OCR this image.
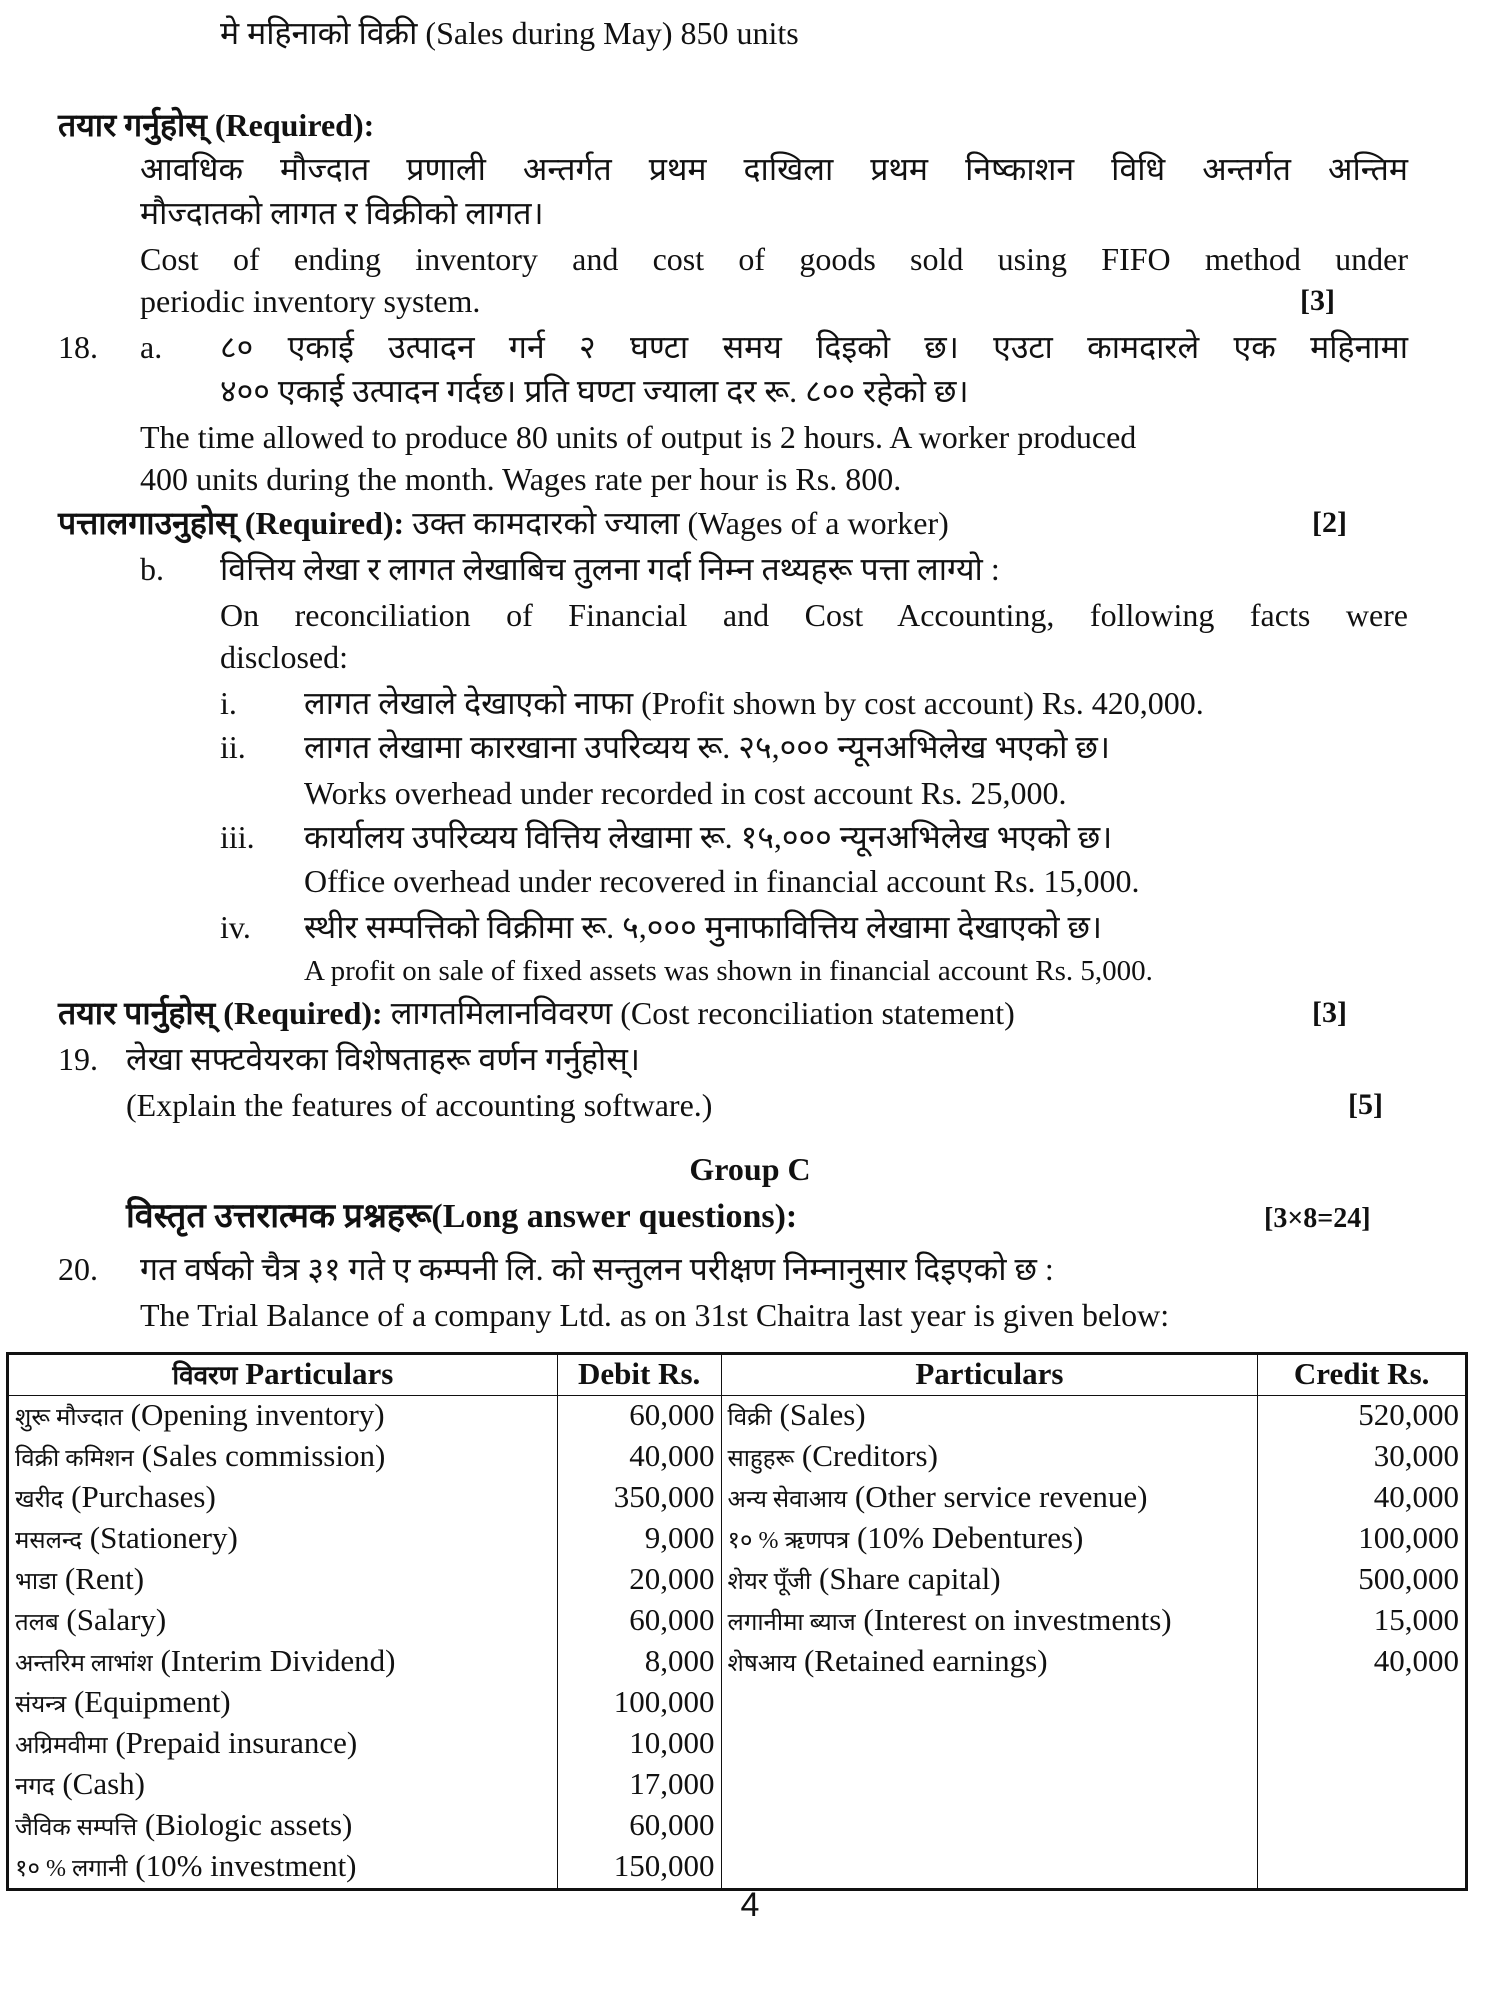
मे महिनाको विक्री (Sales during May) 850 units
तयार गर्नुहोस् (Required):
आवधिक मौज्दात प्रणाली अन्तर्गत प्रथम दाखिला प्रथम निष्काशन विधि अन्तर्गत अन्तिम
मौज्दातको लागत र विक्रीको लागत।
Cost of ending inventory and cost of goods sold using FIFO method under
periodic inventory system.	[3]
18. a. ८० एकाई उत्पादन गर्न २ घण्टा समय दिइको छ। एउटा कामदारले एक महिनामा
४०० एकाई उत्पादन गर्दछ। प्रति घण्टा ज्याला दर रू. ८०० रहेको छ।
The time allowed to produce 80 units of output is 2 hours. A worker produced
400 units during the month. Wages rate per hour is Rs. 800.
पत्तालगाउनुहोस् (Required): उक्त कामदारको ज्याला (Wages of a worker)	[2]
b. वित्तिय लेखा र लागत लेखाबिच तुलना गर्दा निम्न तथ्यहरू पत्ता लाग्यो :
On reconciliation of Financial and Cost Accounting, following facts were
disclosed:
i. लागत लेखाले देखाएको नाफा (Profit shown by cost account) Rs. 420,000.
ii. लागत लेखामा कारखाना उपरिव्यय रू. २५,००० न्यूनअभिलेख भएको छ।
Works overhead under recorded in cost account Rs. 25,000.
iii. कार्यालय उपरिव्यय वित्तिय लेखामा रू. १५,००० न्यूनअभिलेख भएको छ।
Office overhead under recovered in financial account Rs. 15,000.
iv. स्थीर सम्पत्तिको विक्रीमा रू. ५,००० मुनाफावित्तिय लेखामा देखाएको छ।
A profit on sale of fixed assets was shown in financial account Rs. 5,000.
तयार पार्नुहोस् (Required): लागतमिलानविवरण (Cost reconciliation statement)	[3]
19. लेखा सफ्टवेयरका विशेषताहरू वर्णन गर्नुहोस्।
(Explain the features of accounting software.)	[5]
Group C
विस्तृत उत्तरात्मक प्रश्नहरू(Long answer questions):	[3×8=24]
20. गत वर्षको चैत्र ३१ गते ए कम्पनी लि. को सन्तुलन परीक्षण निम्नानुसार दिइएको छ :
The Trial Balance of a company Ltd. as on 31st Chaitra last year is given below:
विवरण Particulars	Debit Rs.	Particulars	Credit Rs.
शुरू मौज्दात (Opening inventory)	60,000	विक्री (Sales)	520,000
विक्री कमिशन (Sales commission)	40,000	साहुहरू (Creditors)	30,000
खरीद (Purchases)	350,000	अन्य सेवाआय (Other service revenue)	40,000
मसलन्द (Stationery)	9,000	१० % ऋणपत्र (10% Debentures)	100,000
भाडा (Rent)	20,000	शेयर पूँजी (Share capital)	500,000
तलब (Salary)	60,000	लगानीमा ब्याज (Interest on investments)	15,000
अन्तरिम लाभांश (Interim Dividend)	8,000	शेषआय (Retained earnings)	40,000
संयन्त्र (Equipment)	100,000		
अग्रिमवीमा (Prepaid insurance)	10,000		
नगद (Cash)	17,000		
जैविक सम्पत्ति (Biologic assets)	60,000		
१० % लगानी (10% investment)	150,000		
4
